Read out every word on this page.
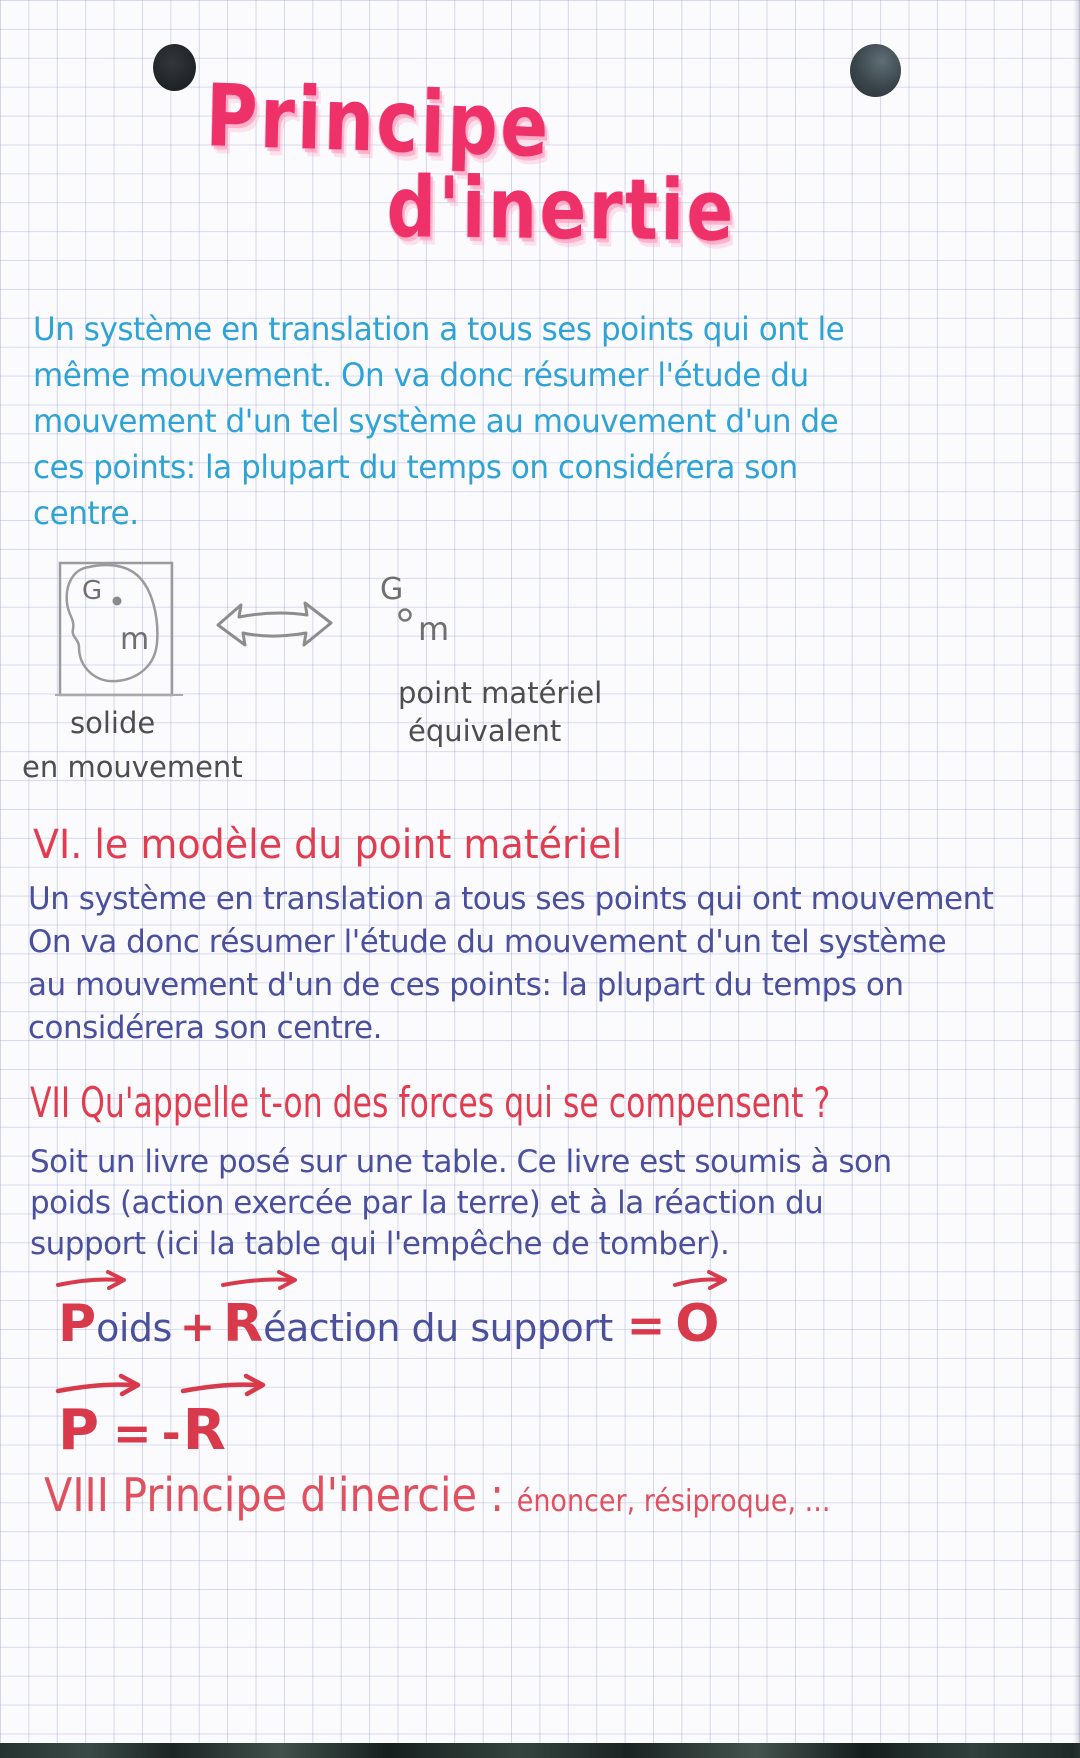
Principe
d'inertie
Un système en translation a tous ses points qui ont le
même mouvement. On va donc résumer l'étude du
mouvement d'un tel système au mouvement d'un de
ces points: la plupart du temps on considérera son
centre.
G
m
G
m
solide
en mouvement
point matériel
équivalent
VI. le modèle du point matériel
Un système en translation a tous ses points qui ont mouvement
On va donc résumer l'étude du mouvement d'un tel système
au mouvement d'un de ces points: la plupart du temps on
considérera son centre.
VII Qu'appelle t-on des forces qui se compensent ?
Soit un livre posé sur une table. Ce livre est soumis à son
poids (action exercée par la terre) et à la réaction du
support (ici la table qui l'empêche de tomber).
P oids + R éaction du support = O
P = - R
VIII Principe d'inercie : énoncer, résiproque, ...
